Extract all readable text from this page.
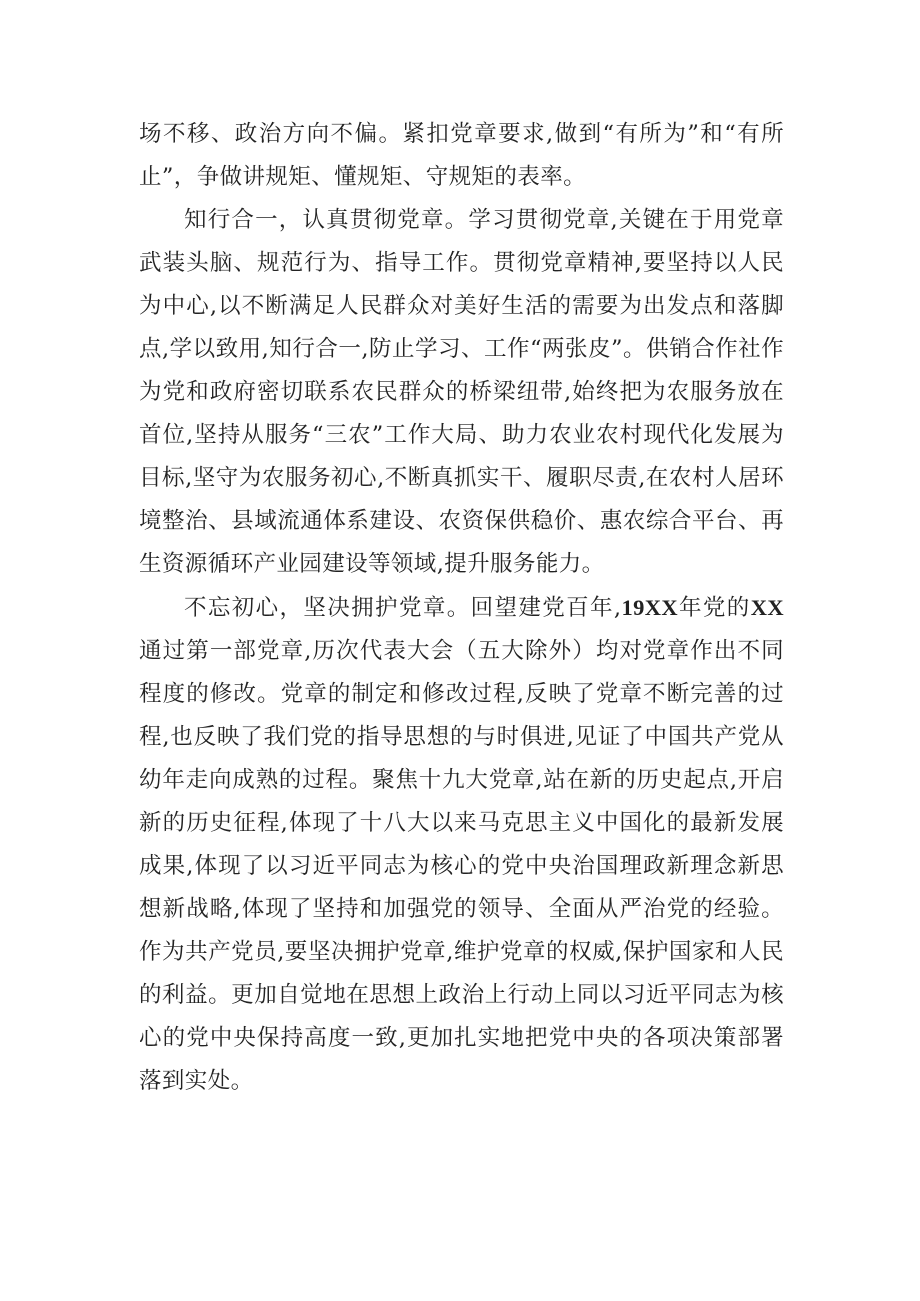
场不移、政治方向不偏。紧扣党章要求,做到“有所为”和“有所止”，争做讲规矩、懂规矩、守规矩的表率。

知行合一，认真贯彻党章。学习贯彻党章,关键在于用党章武装头脑、规范行为、指导工作。贯彻党章精神,要坚持以人民为中心,以不断满足人民群众对美好生活的需要为出发点和落脚点,学以致用,知行合一,防止学习、工作“两张皮”。供销合作社作为党和政府密切联系农民群众的桥梁纽带,始终把为农服务放在首位,坚持从服务“三农”工作大局、助力农业农村现代化发展为目标,坚守为农服务初心,不断真抓实干、履职尽责,在农村人居环境整治、县域流通体系建设、农资保供稳价、惠农综合平台、再生资源循环产业园建设等领域,提升服务能力。

不忘初心，坚决拥护党章。回望建党百年,19XX年党的XX通过第一部党章,历次代表大会（五大除外）均对党章作出不同程度的修改。党章的制定和修改过程,反映了党章不断完善的过程,也反映了我们党的指导思想的与时俱进,见证了中国共产党从幼年走向成熟的过程。聚焦十九大党章,站在新的历史起点,开启新的历史征程,体现了十八大以来马克思主义中国化的最新发展成果,体现了以习近平同志为核心的党中央治国理政新理念新思想新战略,体现了坚持和加强党的领导、全面从严治党的经验。作为共产党员,要坚决拥护党章,维护党章的权威,保护国家和人民的利益。更加自觉地在思想上政治上行动上同以习近平同志为核心的党中央保持高度一致,更加扎实地把党中央的各项决策部署落到实处。
